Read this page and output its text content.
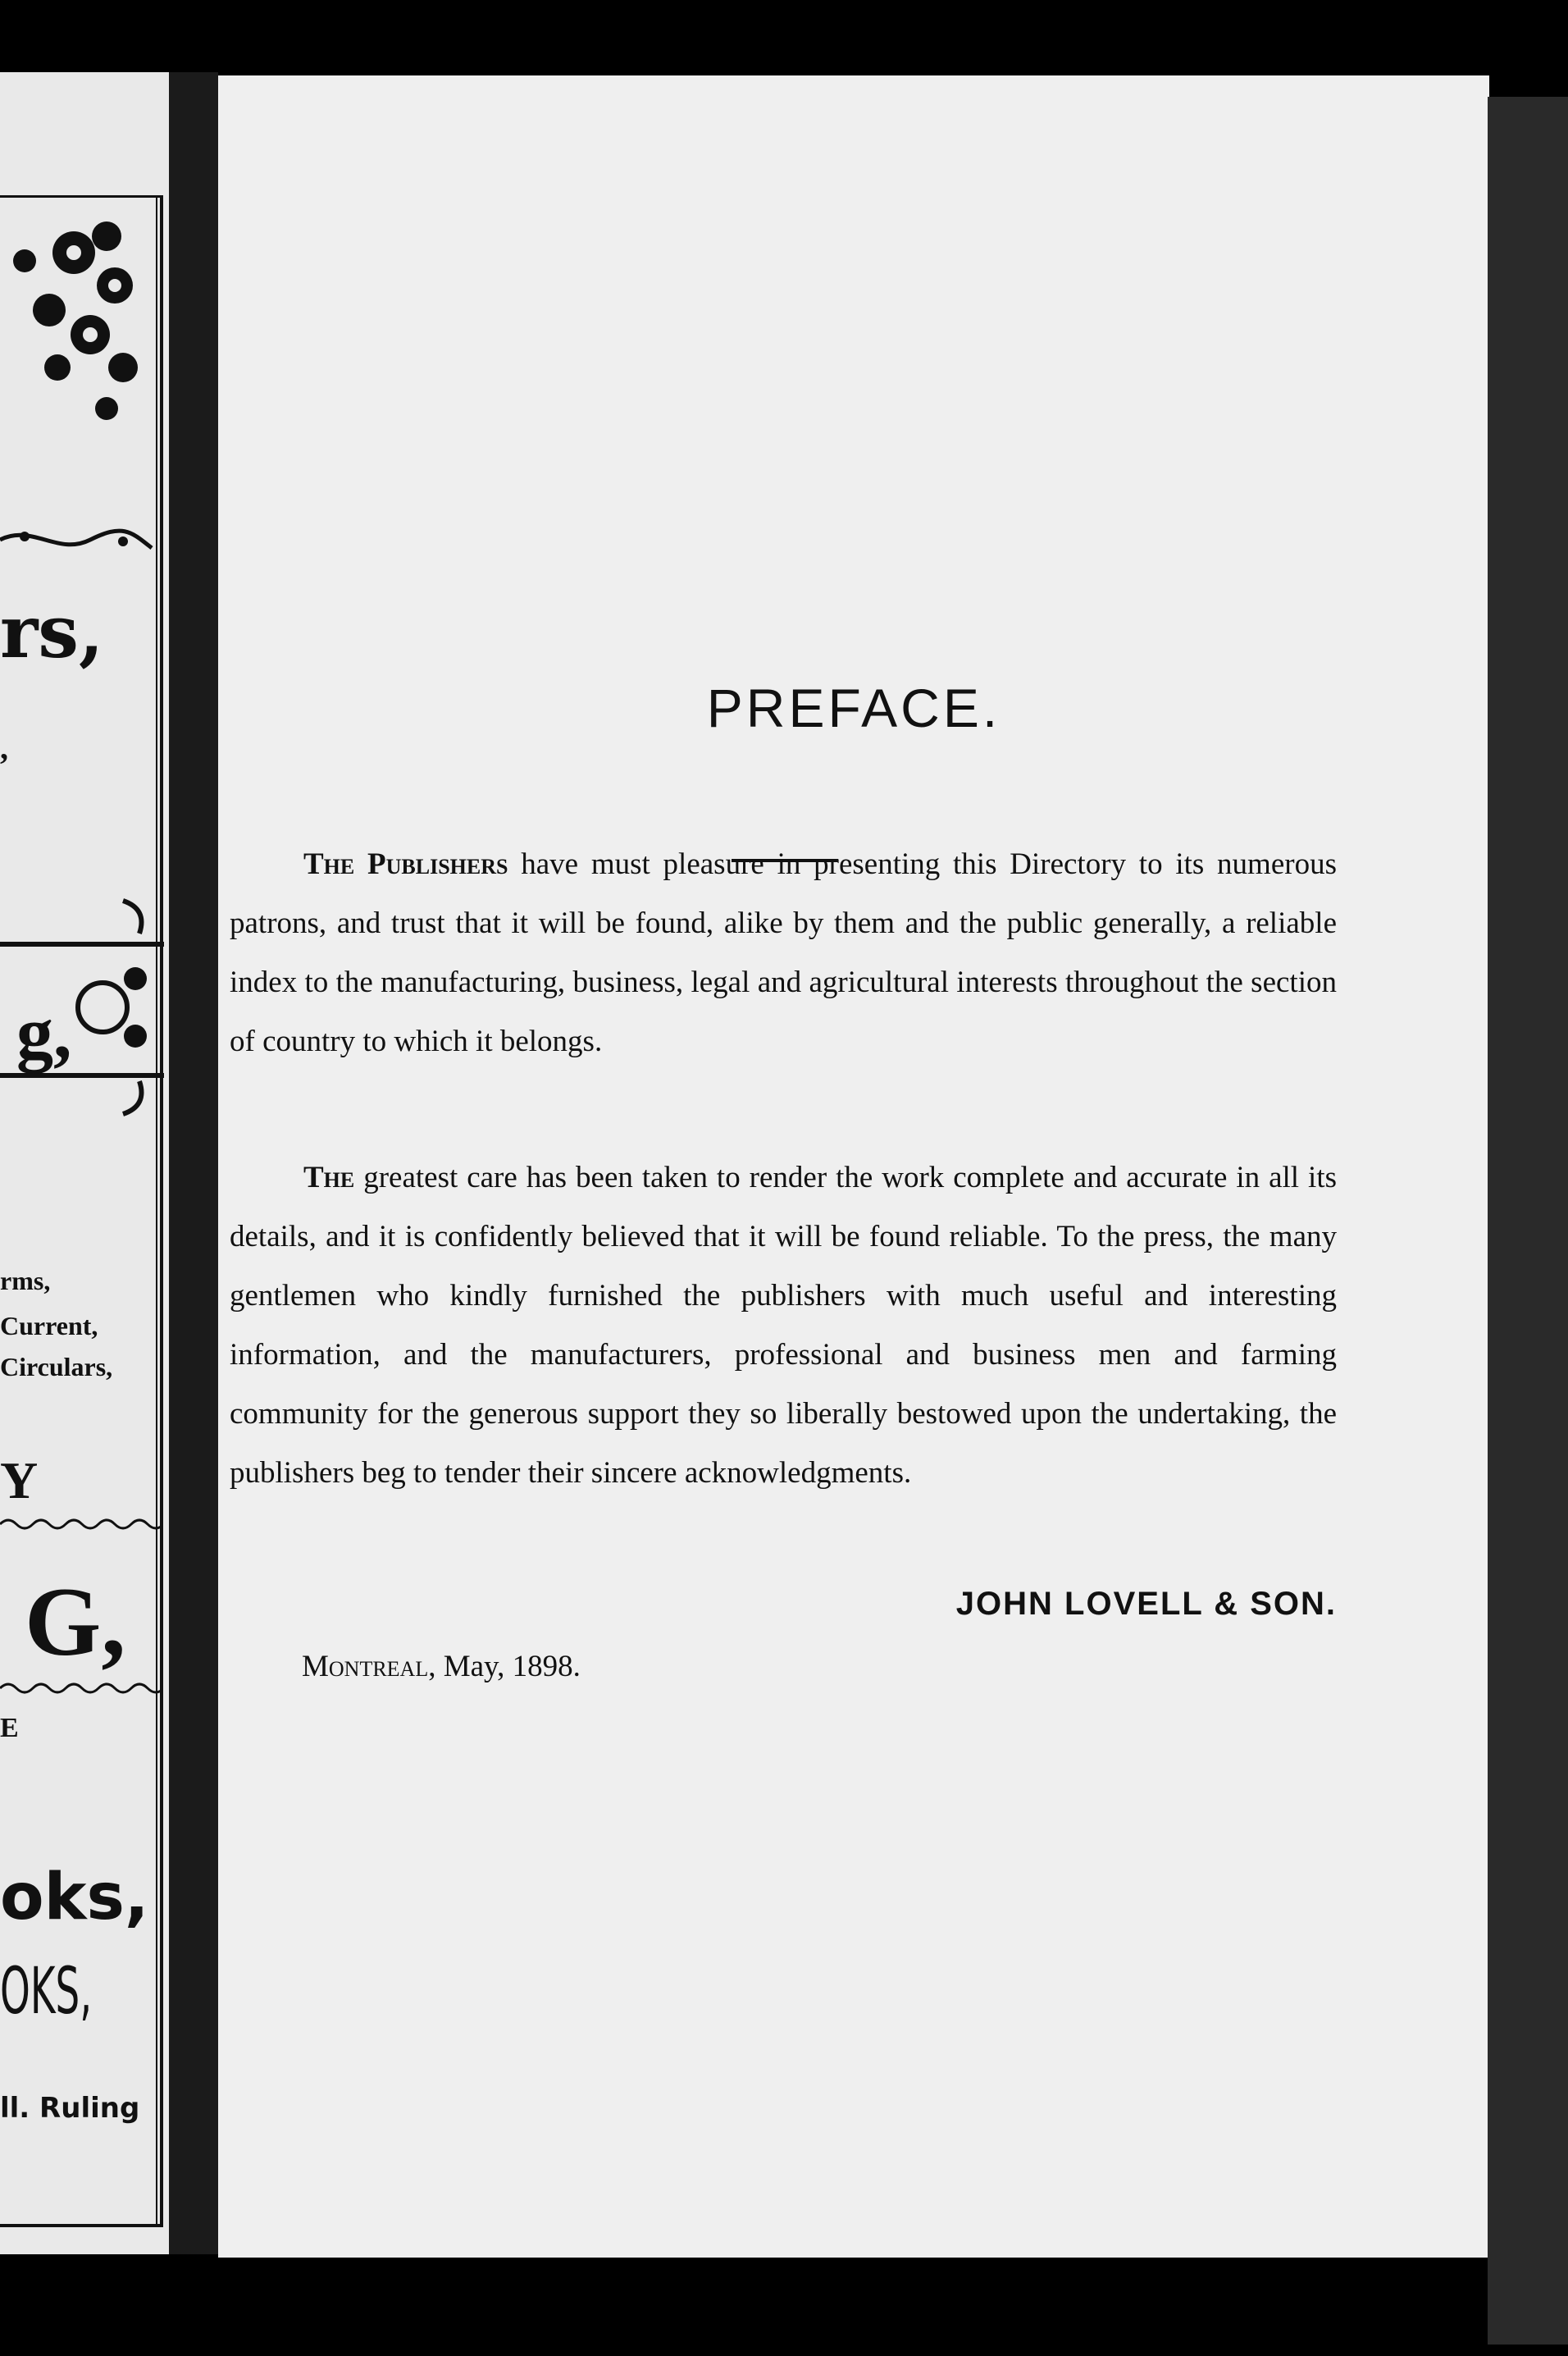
rs,
,
g,
rms,
Current,
Circulars,
Y
G,
E
oks,
OKS,
ll. Ruling
PREFACE.

The Publishers have must pleasure in presenting this Directory to its numerous patrons, and trust that it will be found, alike by them and the public generally, a reliable index to the manufacturing, business, legal and agricultural interests throughout the section of country to which it belongs.

The greatest care has been taken to render the work complete and accurate in all its details, and it is confidently believed that it will be found reliable. To the press, the many gentlemen who kindly furnished the publishers with much useful and interesting information, and the manufacturers, professional and business men and farming community for the generous support they so liberally bestowed upon the undertaking, the publishers beg to tender their sincere acknowledgments.

JOHN LOVELL & SON.
Montreal, May, 1898.
